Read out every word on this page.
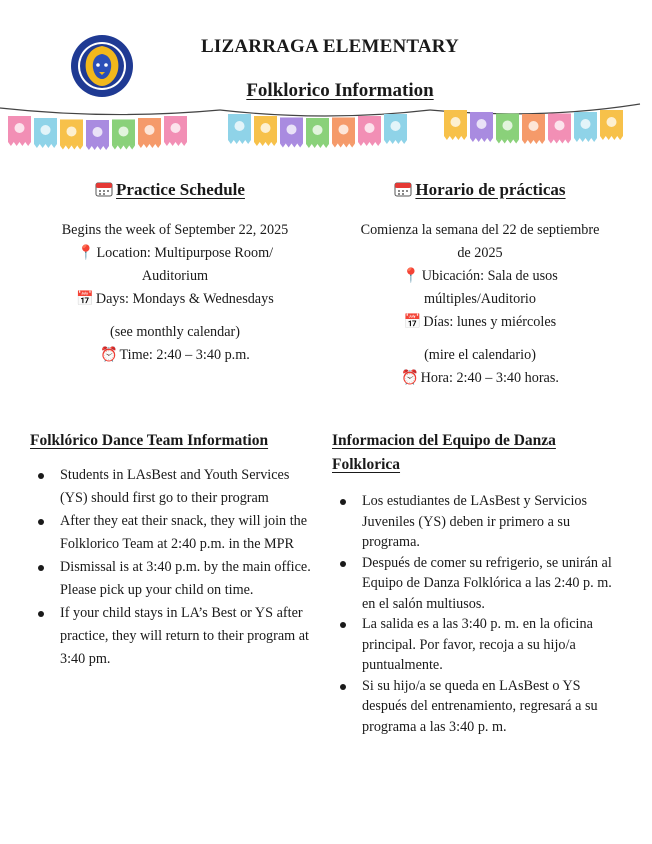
LIZARRAGA ELEMENTARY
Folklorico Information
Practice Schedule
Begins the week of September 22, 2025
📍 Location: Multipurpose Room/
Auditorium
📅 Days: Mondays & Wednesdays
(see monthly calendar)
⏰ Time: 2:40 – 3:40 p.m.
Horario de prácticas
Comienza la semana del 22 de septiembre
de 2025
📍 Ubicación: Sala de usos
múltiples/Auditorio
📅 Días: lunes y miércoles
(mire el calendario)
⏰ Hora: 2:40 – 3:40 horas.
Folklórico Dance Team Information
Students in LAsBest and Youth Services (YS) should first go to their program
After they eat their snack, they will join the Folklorico Team at 2:40 p.m. in the MPR
Dismissal is at 3:40 p.m. by the main office. Please pick up your child on time.
If your child stays in LA’s Best or YS after practice, they will return to their program at 3:40 pm.
Informacion del Equipo de Danza Folklorica
Los estudiantes de LAsBest y Servicios Juveniles (YS) deben ir primero a su programa.
Después de comer su refrigerio, se unirán al Equipo de Danza Folklórica a las 2:40 p. m. en el salón multiusos.
La salida es a las 3:40 p. m. en la oficina principal. Por favor, recoja a su hijo/a puntualmente.
Si su hijo/a se queda en LAsBest o YS después del entrenamiento, regresará a su programa a las 3:40 p. m.
